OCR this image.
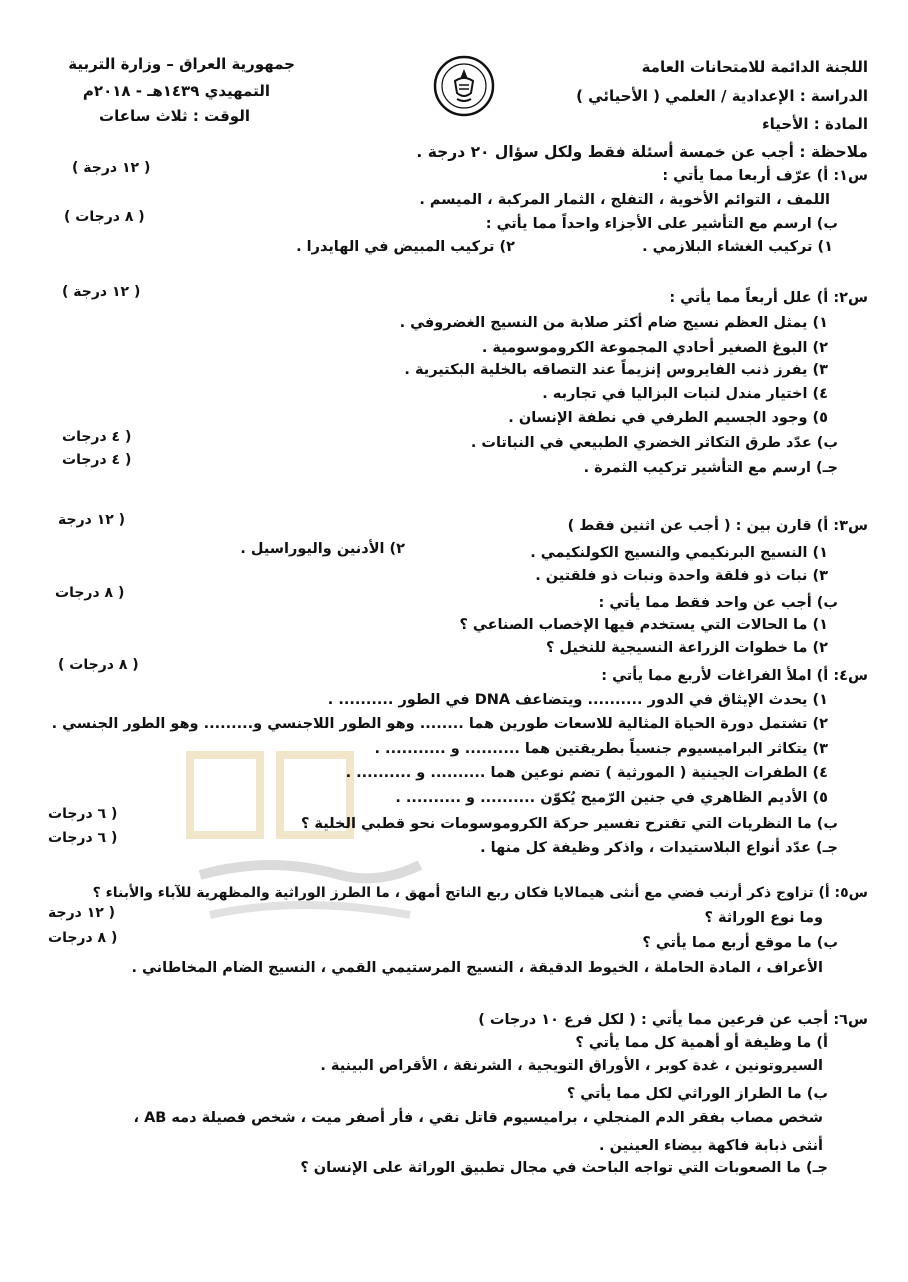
اللجنة الدائمة للامتحانات العامة
الدراسة : الإعدادية / العلمي ( الأحيائي )
المادة : الأحياء
جمهورية العراق – وزارة التربية
التمهيدي ١٤٣٩هـ - ٢٠١٨م
الوقت : ثلاث ساعات
ملاحظة : أجب عن خمسة أسئلة فقط ولكل سؤال ٢٠ درجة .
س١: أ) عرّف أربعا مما يأتي :
( ١٢ درجة )
اللمف ، التوائم الأخوية ، التفلج ، الثمار المركبة ، الميسم .
ب) ارسم مع التأشير على الأجزاء واحداً مما يأتي :
( ٨ درجات )
١) تركيب الغشاء البلازمي .
٢) تركيب المبيض في الهايدرا .
س٢: أ) علل أربعاً مما يأتي :
( ١٢ درجة )
١) يمثل العظم نسيج ضام أكثر صلابة من النسيج الغضروفي .
٢) البوغ الصغير أحادي المجموعة الكروموسومية .
٣) يفرز ذنب الفايروس إنزيماً عند التصاقه بالخلية البكتيرية .
٤) اختيار مندل لنبات البزاليا في تجاربه .
٥) وجود الجسيم الطرفي في نطفة الإنسان .
ب) عدّد طرق التكاثر الخضري الطبيعي في النباتات .
( ٤ درجات
جـ) ارسم مع التأشير تركيب الثمرة .
( ٤ درجات
س٣: أ) قارن بين : ( أجب عن اثنين فقط )
( ١٢ درجة
١) النسيج البرنكيمي والنسيج الكولنكيمي .
٢) الأدنين واليوراسيل .
٣) نبات ذو فلقة واحدة ونبات ذو فلقتين .
ب) أجب عن واحد فقط مما يأتي :
( ٨ درجات
١) ما الحالات التي يستخدم فيها الإخصاب الصناعي ؟
٢) ما خطوات الزراعة النسيجية للنخيل ؟
س٤: أ) املأ الفراغات لأربع مما يأتي :
( ٨ درجات )
١) يحدث الإيثاق في الدور .......... ويتضاعف DNA في الطور .......... .
٢) تشتمل دورة الحياة المثالية للاسعات طورين هما ........ وهو الطور اللاجنسي و......... وهو الطور الجنسي .
٣) يتكاثر البراميسيوم جنسياً بطريقتين هما .......... و ........... .
٤) الطفرات الجينية ( المورثية ) تضم نوعين هما .......... و .......... .
٥) الأديم الظاهري في جنين الرّميح يُكوّن .......... و .......... .
ب) ما النظريات التي تقترح تفسير حركة الكروموسومات نحو قطبي الخلية ؟
( ٦ درجات
جـ) عدّد أنواع البلاستيدات ، واذكر وظيفة كل منها .
( ٦ درجات
س٥: أ) تزاوج ذكر أرنب فضي مع أنثى هيمالايا فكان ربع الناتج أمهق ، ما الطرز الوراثية والمظهرية للآباء والأبناء ؟
وما نوع الوراثة ؟
( ١٢ درجة
ب) ما موقع أربع مما يأتي ؟
( ٨ درجات
الأعراف ، المادة الحاملة ، الخيوط الدقيقة ، النسيج المرستيمي القمي ، النسيج الضام المخاطاني .
س٦: أجب عن فرعين مما يأتي : ( لكل فرع ١٠ درجات )
أ) ما وظيفة أو أهمية كل مما يأتي ؟
السيروتونين ، غدة كوبر ، الأوراق التويجية ، الشرنقة ، الأقراص البينية .
ب) ما الطراز الوراثي لكل مما يأتي ؟
شخص مصاب بفقر الدم المنجلي ، براميسيوم قاتل نقي ، فأر أصفر ميت ، شخص فصيلة دمه AB ،
أنثى ذبابة فاكهة بيضاء العينين .
جـ) ما الصعوبات التي تواجه الباحث في مجال تطبيق الوراثة على الإنسان ؟
